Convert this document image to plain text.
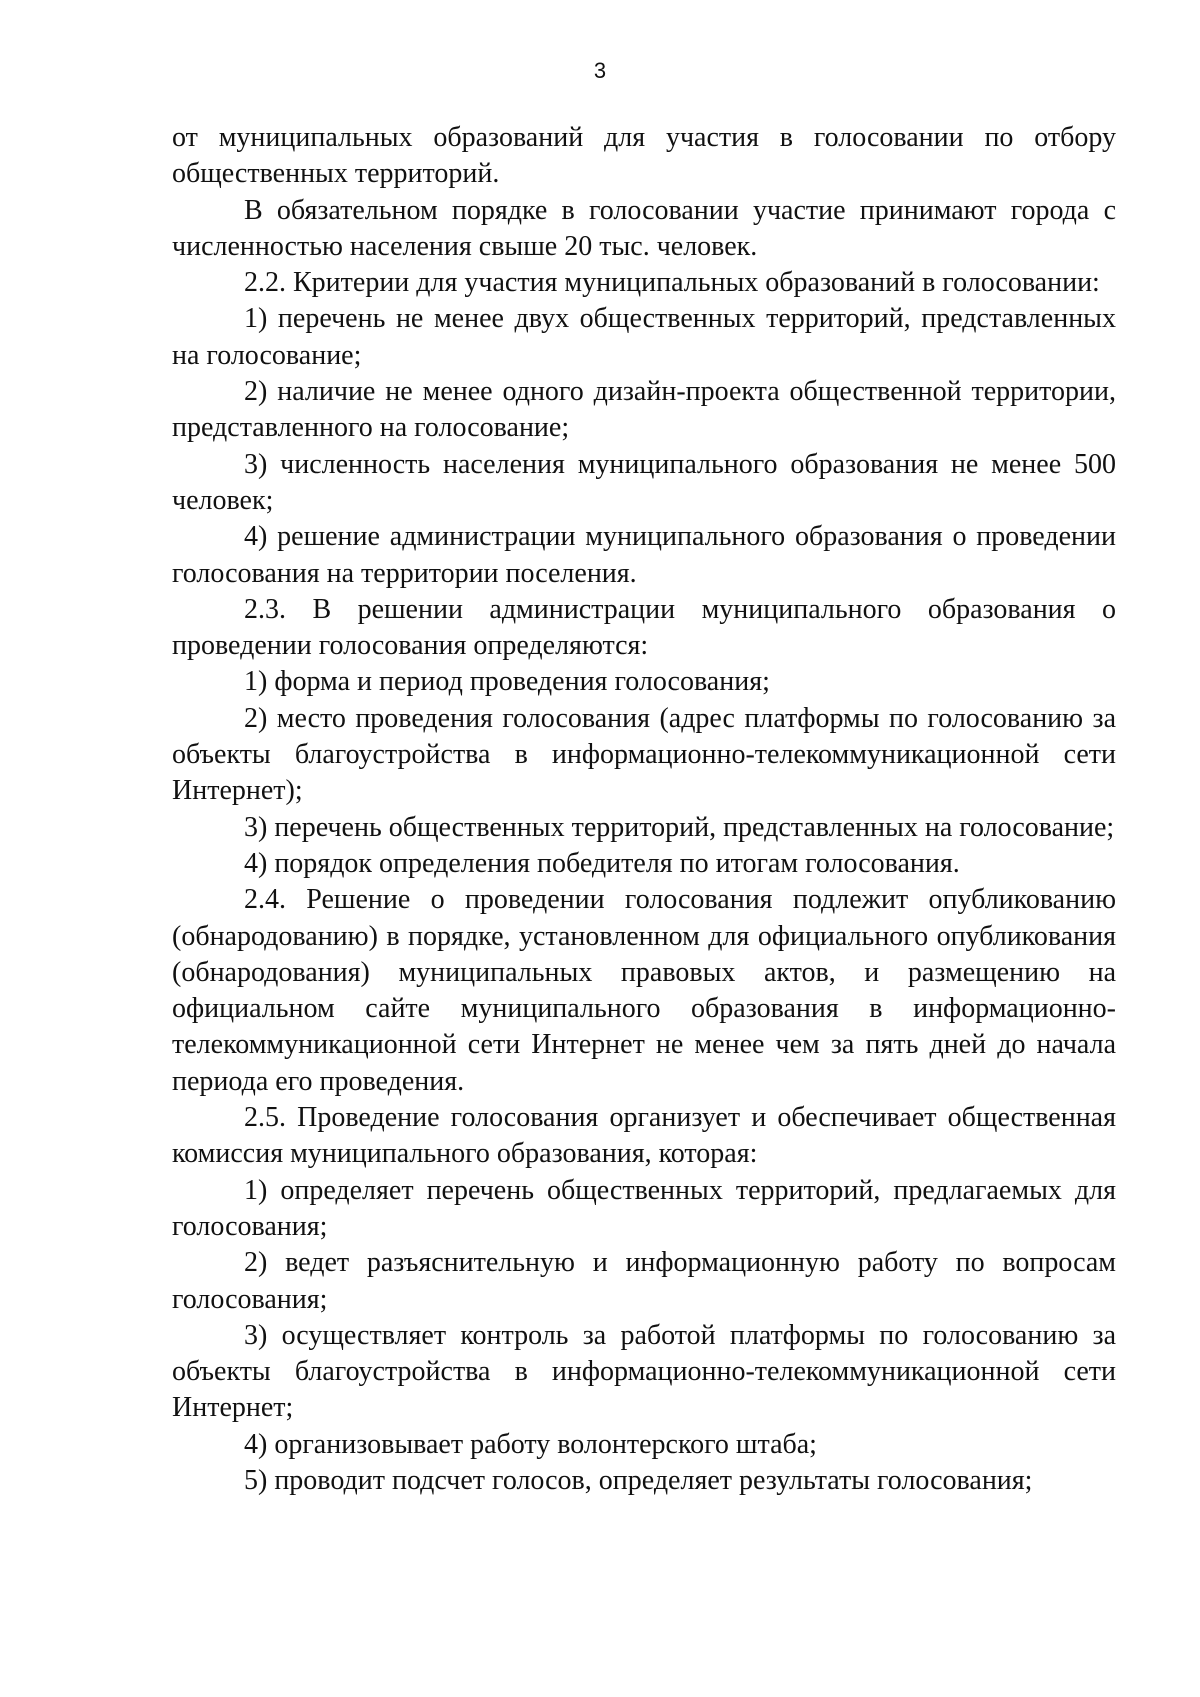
3

от муниципальных образований для участия в голосовании по отбору общественных территорий.

В обязательном порядке в голосовании участие принимают города с численностью населения свыше 20 тыс. человек.

2.2. Критерии для участия муниципальных образований в голосовании:

1) перечень не менее двух общественных территорий, представленных на голосование;

2) наличие не менее одного дизайн-проекта общественной территории, представленного на голосование;

3) численность населения муниципального образования не менее 500 человек;

4) решение администрации муниципального образования о проведении голосования на территории поселения.

2.3. В решении администрации муниципального образования о проведении голосования определяются:

1) форма и период проведения голосования;

2) место проведения голосования (адрес платформы по голосованию за объекты благоустройства в информационно-телекоммуникационной сети Интернет);

3) перечень общественных территорий, представленных на голосование;

4) порядок определения победителя по итогам голосования.

2.4. Решение о проведении голосования подлежит опубликованию (обнародованию) в порядке, установленном для официального опубликования (обнародования) муниципальных правовых актов, и размещению на официальном сайте муниципального образования в информационно-телекоммуникационной сети Интернет не менее чем за пять дней до начала периода его проведения.

2.5. Проведение голосования организует и обеспечивает общественная комиссия муниципального образования, которая:

1) определяет перечень общественных территорий, предлагаемых для голосования;

2) ведет разъяснительную и информационную работу по вопросам голосования;

3) осуществляет контроль за работой платформы по голосованию за объекты благоустройства в информационно-телекоммуникационной сети Интернет;

4) организовывает работу волонтерского штаба;

5) проводит подсчет голосов, определяет результаты голосования;
